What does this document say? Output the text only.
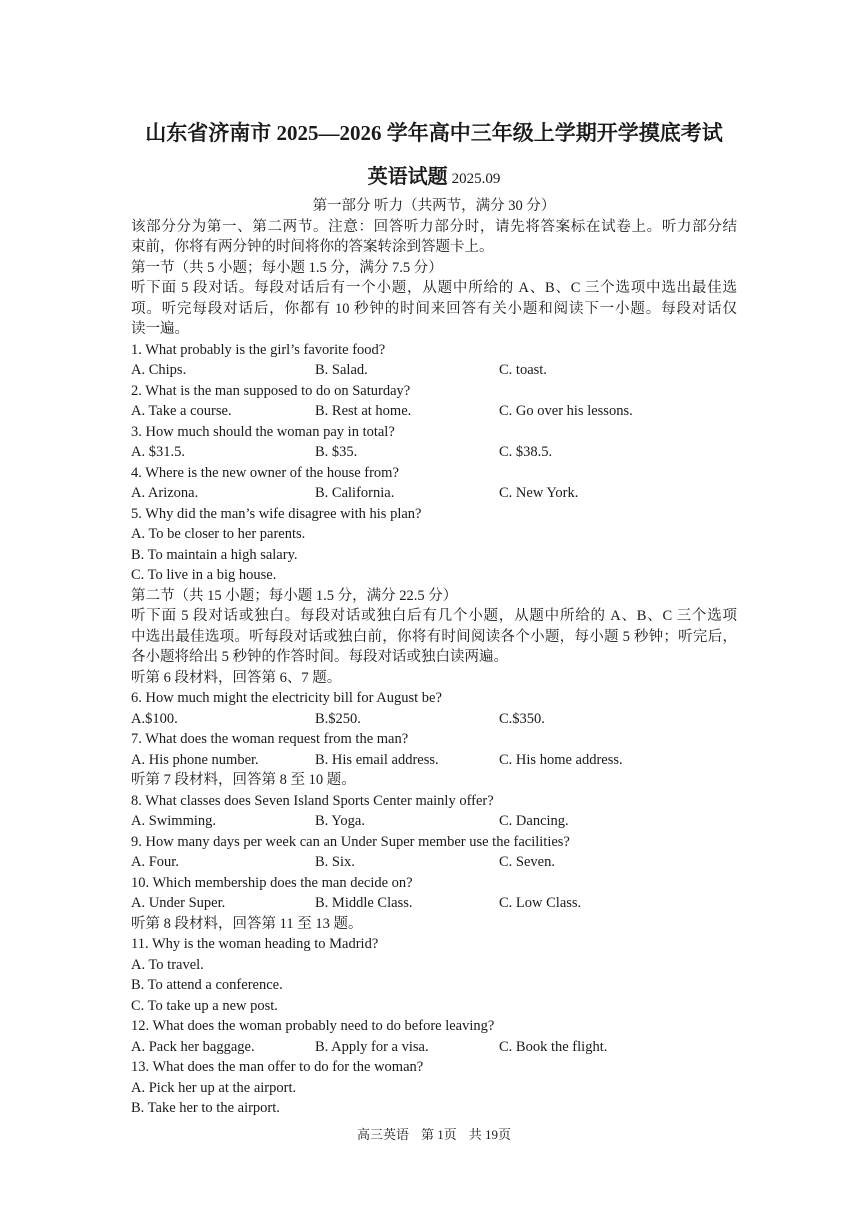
山东省济南市 2025—2026 学年高中三年级上学期开学摸底考试
英语试题 2025.09
第一部分 听力（共两节，满分 30 分）
该部分分为第一、第二两节。注意：回答听力部分时，请先将答案标在试卷上。听力部分结
束前，你将有两分钟的时间将你的答案转涂到答题卡上。
第一节（共 5 小题；每小题 1.5 分，满分 7.5 分）
听下面 5 段对话。每段对话后有一个小题，从题中所给的 A、B、C 三个选项中选出最佳选
项。听完每段对话后，你都有 10 秒钟的时间来回答有关小题和阅读下一小题。每段对话仅
读一遍。
1. What probably is the girl’s favorite food?
A. Chips.	B. Salad.	C. toast.
2. What is the man supposed to do on Saturday?
A. Take a course.	B. Rest at home.	C. Go over his lessons.
3. How much should the woman pay in total?
A. $31.5.	B. $35.	C. $38.5.
4. Where is the new owner of the house from?
A. Arizona.	B. California.	C. New York.
5. Why did the man’s wife disagree with his plan?
A. To be closer to her parents.
B. To maintain a high salary.
C. To live in a big house.
第二节（共 15 小题；每小题 1.5 分，满分 22.5 分）
听下面 5 段对话或独白。每段对话或独白后有几个小题，从题中所给的 A、B、C 三个选项
中选出最佳选项。听每段对话或独白前，你将有时间阅读各个小题，每小题 5 秒钟；听完后，
各小题将给出 5 秒钟的作答时间。每段对话或独白读两遍。
听第 6 段材料，回答第 6、7 题。
6. How much might the electricity bill for August be?
A.$100.	B.$250.	C.$350.
7. What does the woman request from the man?
A. His phone number.	B. His email address.	C. His home address.
听第 7 段材料，回答第 8 至 10 题。
8. What classes does Seven Island Sports Center mainly offer?
A. Swimming.	B. Yoga.	C. Dancing.
9. How many days per week can an Under Super member use the facilities?
A. Four.	B. Six.	C. Seven.
10. Which membership does the man decide on?
A. Under Super.	B. Middle Class.	C. Low Class.
听第 8 段材料，回答第 11 至 13 题。
11. Why is the woman heading to Madrid?
A. To travel.
B. To attend a conference.
C. To take up a new post.
12. What does the woman probably need to do before leaving?
A. Pack her baggage.	B. Apply for a visa.	C. Book the flight.
13. What does the man offer to do for the woman?
A. Pick her up at the airport.
B. Take her to the airport.
高三英语 第 1页 共 19页
